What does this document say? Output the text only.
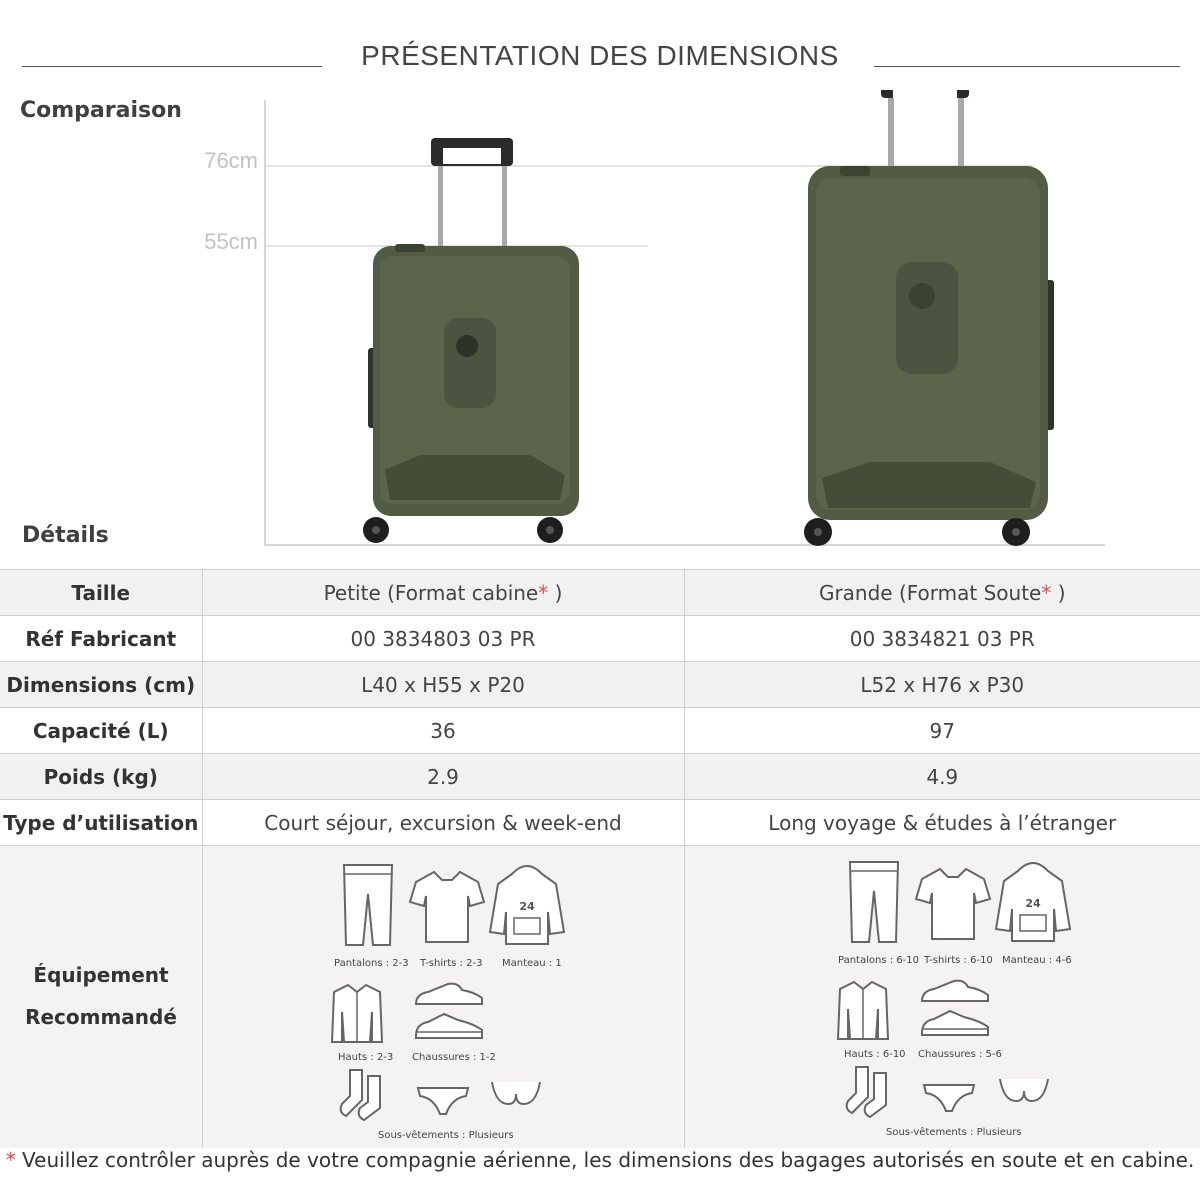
PRÉSENTATION DES DIMENSIONS
Comparaison
76cm
55cm
Détails
Taille	Petite (Format cabine* )	Grande (Format Soute* )
Réf Fabricant	00 3834803 03 PR	00 3834821 03 PR
Dimensions (cm)	L40 x H55 x P20	L52 x H76 x P30
Capacité (L)	36	97
Poids (kg)	2.9	4.9
Type d’utilisation	Court séjour, excursion & week-end	Long voyage & études à l’étranger
Équipement
Recommandé
24
Pantalons : 2-3 T-shirts : 2-3 Manteau : 1
Hauts : 2-3 Chaussures : 1-2
Sous-vêtements : Plusieurs
24
Pantalons : 6-10 T-shirts : 6-10 Manteau : 4-6
Hauts : 6-10 Chaussures : 5-6
Sous-vêtements : Plusieurs
* Veuillez contrôler auprès de votre compagnie aérienne, les dimensions des bagages autorisés en soute et en cabine.
